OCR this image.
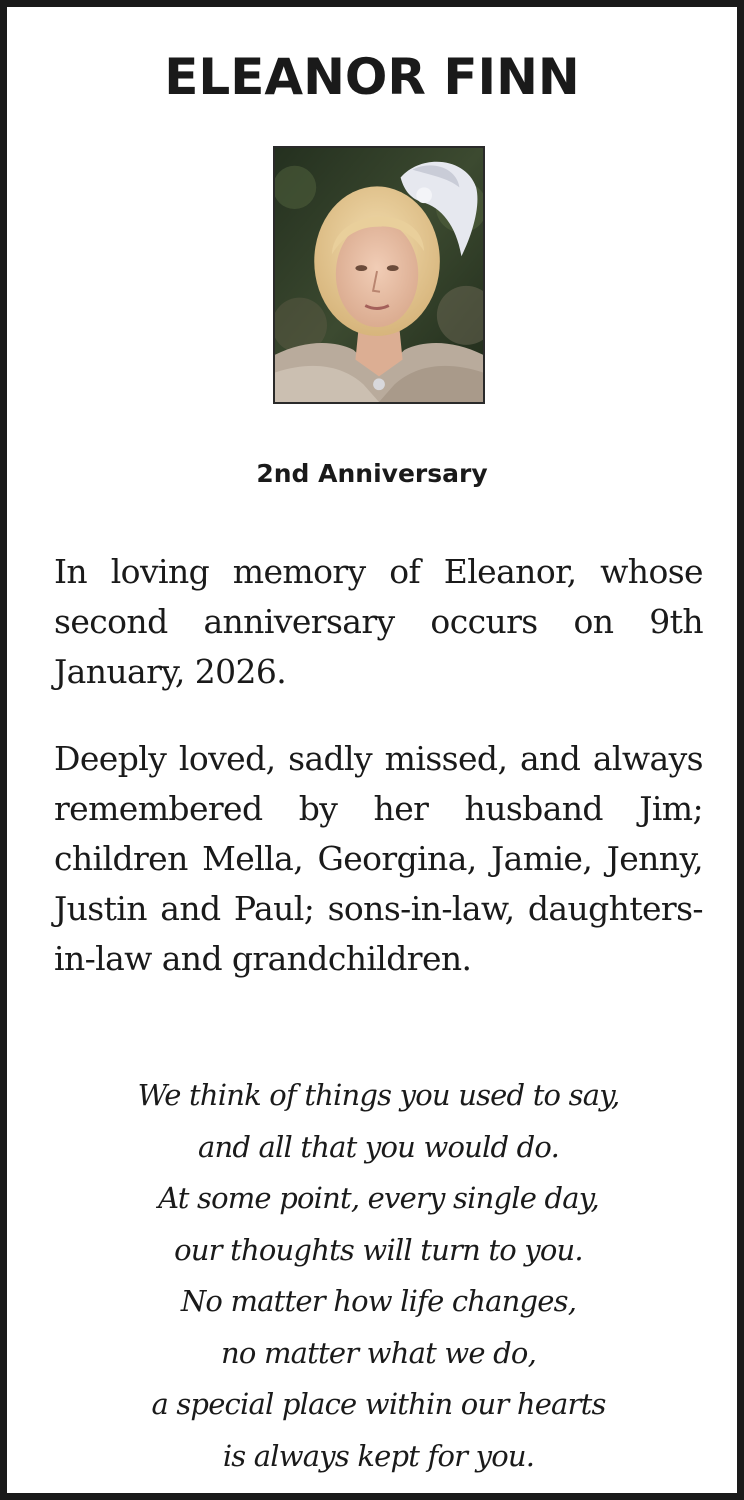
ELEANOR FINN
2nd Anniversary

In loving memory of Eleanor, whose second anniversary occurs on 9th January, 2026.

Deeply loved, sadly missed, and always remembered by her husband Jim; children Mella, Georgina, Jamie, Jenny, Justin and Paul; sons-in-law, daughters-in-law and grandchildren.

We think of things you used to say,
and all that you would do.
At some point, every single day,
our thoughts will turn to you.
No matter how life changes,
no matter what we do,
a special place within our hearts
is always kept for you.
